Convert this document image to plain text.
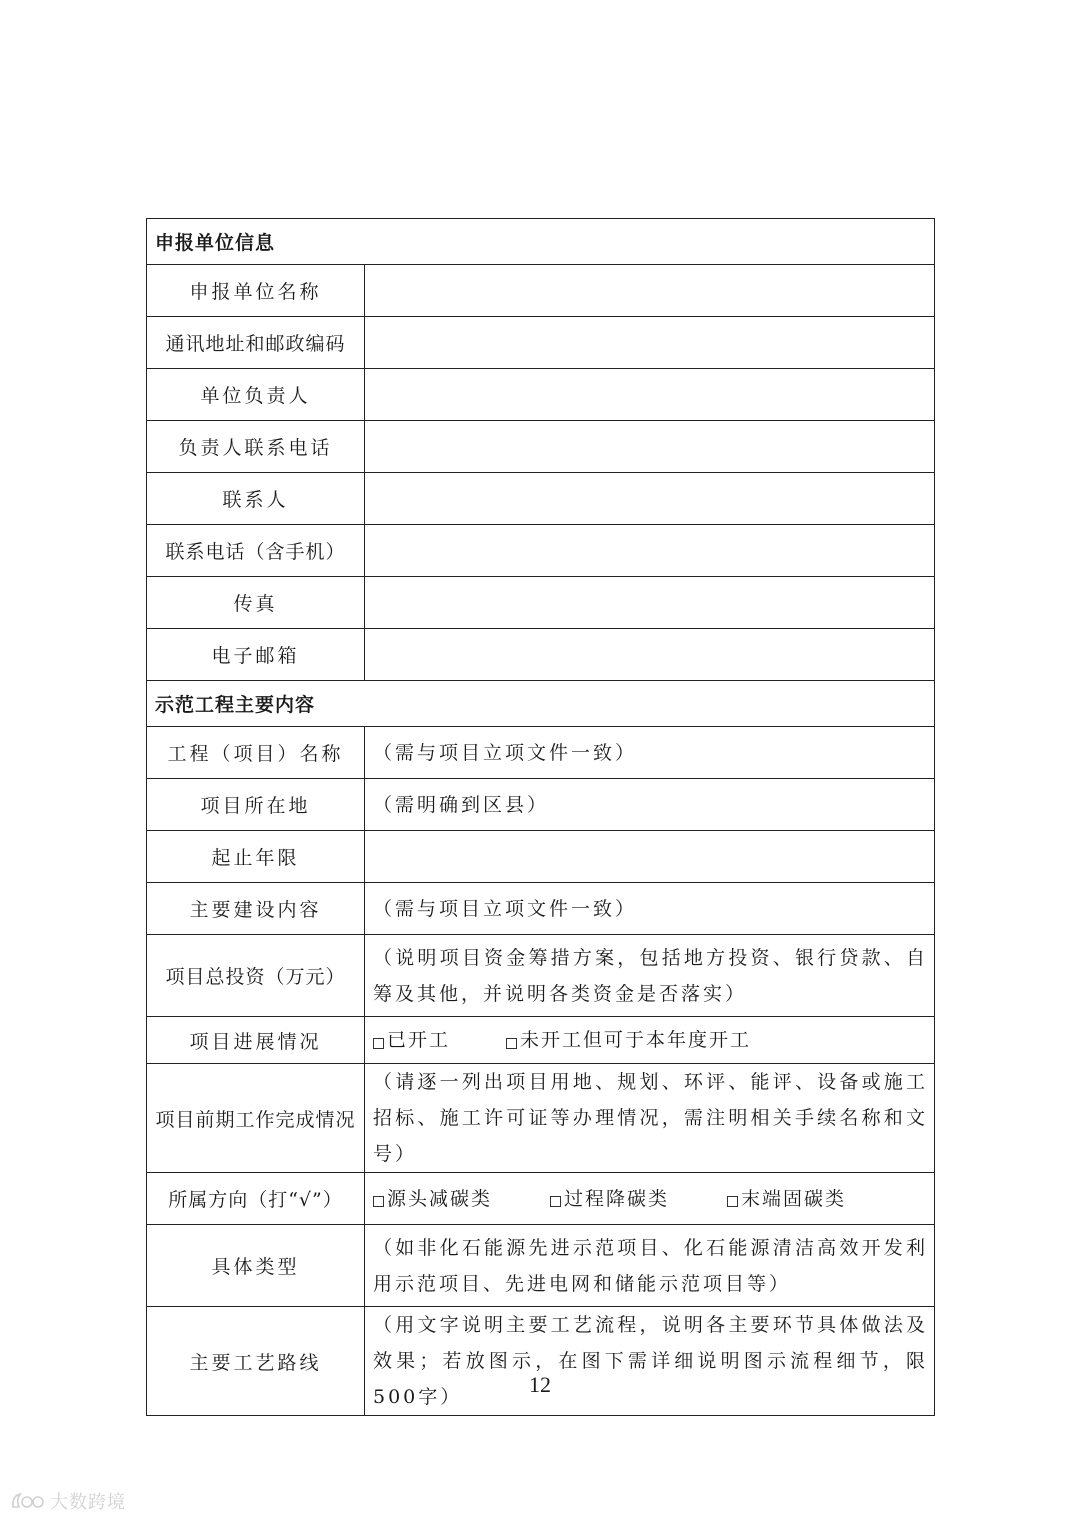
申报单位信息	
申报单位名称	
通讯地址和邮政编码	
单位负责人	
负责人联系电话	
联系人	
联系电话（含手机）	
传真	
电子邮箱	
示范工程主要内容	
工程（项目）名称	（需与项目立项文件一致）
项目所在地	（需明确到区县）
起止年限	
主要建设内容	（需与项目立项文件一致）
项目总投资（万元）	（说明项目资金筹措方案，包括地方投资、银行贷款、自筹及其他，并说明各类资金是否落实）
项目进展情况	已开工 未开工但可于本年度开工

项目前期工作完成情况	（请逐一列出项目用地、规划、环评、能评、设备或施工招标、施工许可证等办理情况，需注明相关手续名称和文号）
所属方向（打“√”）	源头减碳类 过程降碳类 末端固碳类

具体类型	（如非化石能源先进示范项目、化石能源清洁高效开发利用示范项目、先进电网和储能示范项目等）
主要工艺路线	（用文字说明主要工艺流程，说明各主要环节具体做法及效果；若放图示，在图下需详细说明图示流程细节，限500字）	12
大数跨境
